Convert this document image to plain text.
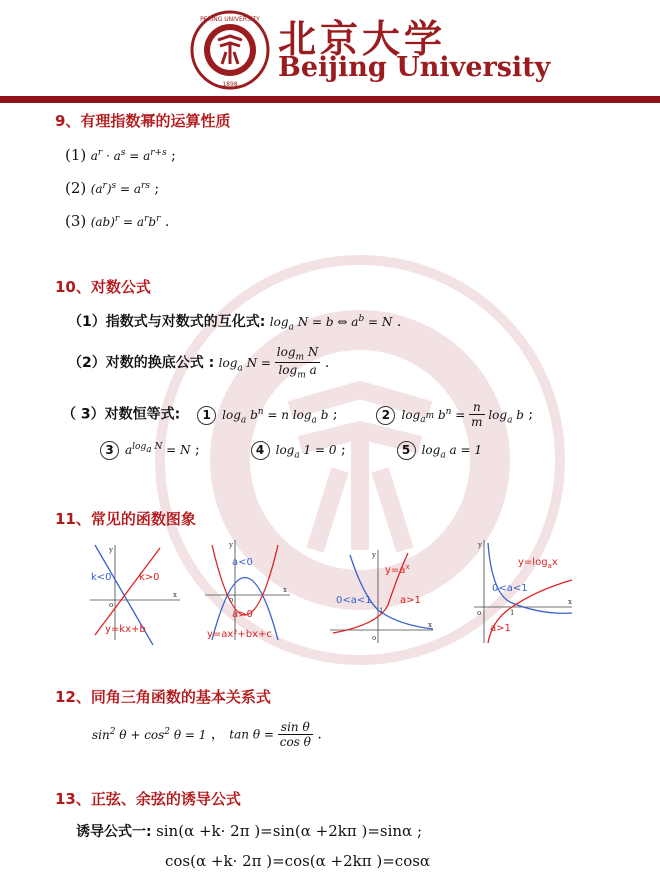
PEKING UNIVERSITY
1898
北京大学
Beijing University
9、有理指数幂的运算性质
(1) $a^r \cdot a^s = a^{r+s}$ ;
(2) $(a^r)^s = a^{rs}$ ;
(3) $(ab)^r = a^rb^r$ .
10、对数公式
（1）指数式与对数式的互化式: $\log_a N = b$ ⇔ $a^b = N$ .
（2）对数的换底公式 : $\log_a N = \frac{\log_m N}{\log_m a}$ .
（ 3）对数恒等式: 1 $\log_a b^n = n$ $\log_a b$ ;	2 $\log_{a^m} b^n = \frac{n}{m} \log_a b$ ;
3 $a^{log_a N} = N$ ;	4 $\log_a 1 = 0$ ;	5 $\log_a a = 1$
11、常见的函数图象
y
x
o
k<0	k>0
y=kx+b
y
x
o
a<0
a>0
y=ax²+bx+c
y
x
o
1
$y=a^x$
0<a<1	a>1
y
x
o	1
$y=\log_ax$
0<a<1
a>1
12、同角三角函数的基本关系式
$\sin^2 \theta + \cos^2 \theta = 1$ ， $\tan \theta = \frac{\text{sin θ}}{\text{cos θ}}$ .
13、正弦、余弦的诱导公式
诱导公式一: sin(α +k· 2π )=sin(α +2kπ )=sinα ;
cos(α +k· 2π )=cos(α +2kπ )=cosα
